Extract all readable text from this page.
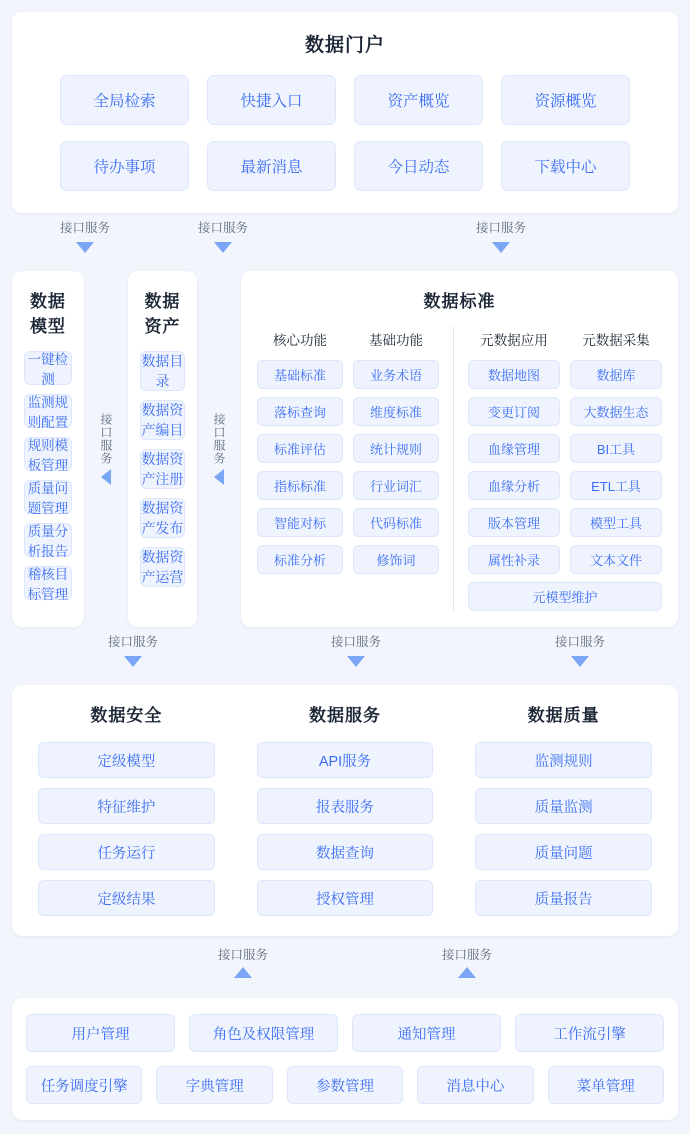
数据门户
全局检索	快捷入口	资产概览	资源概览
待办事项	最新消息	今日动态	下载中心
接口服务	接口服务	接口服务
数据模型
一键检测
监测规则配置
规则模板管理
质量问题管理
质量分析报告
稽核目标管理
接口服务
数据资产
数据目录
数据资产编目
数据资产注册
数据资产发布
数据资产运营
接口服务
数据标准
核心功能
基础标准
落标查询
标准评估
指标标准
智能对标
标准分析
基础功能
业务术语
维度标准
统计规则
行业词汇
代码标准
修饰词
元数据应用
数据地图
变更订阅
血缘管理
血缘分析
版本管理
属性补录
元数据采集
数据库
大数据生态
BI工具
ETL工具
模型工具
文本文件
元模型维护
接口服务	接口服务	接口服务
数据安全
定级模型
特征维护
任务运行
定级结果
数据服务
API服务
报表服务
数据查询
授权管理
数据质量
监测规则
质量监测
质量问题
质量报告
接口服务	接口服务
用户管理	角色及权限管理	通知管理	工作流引擎
任务调度引擎	字典管理	参数管理	消息中心	菜单管理
